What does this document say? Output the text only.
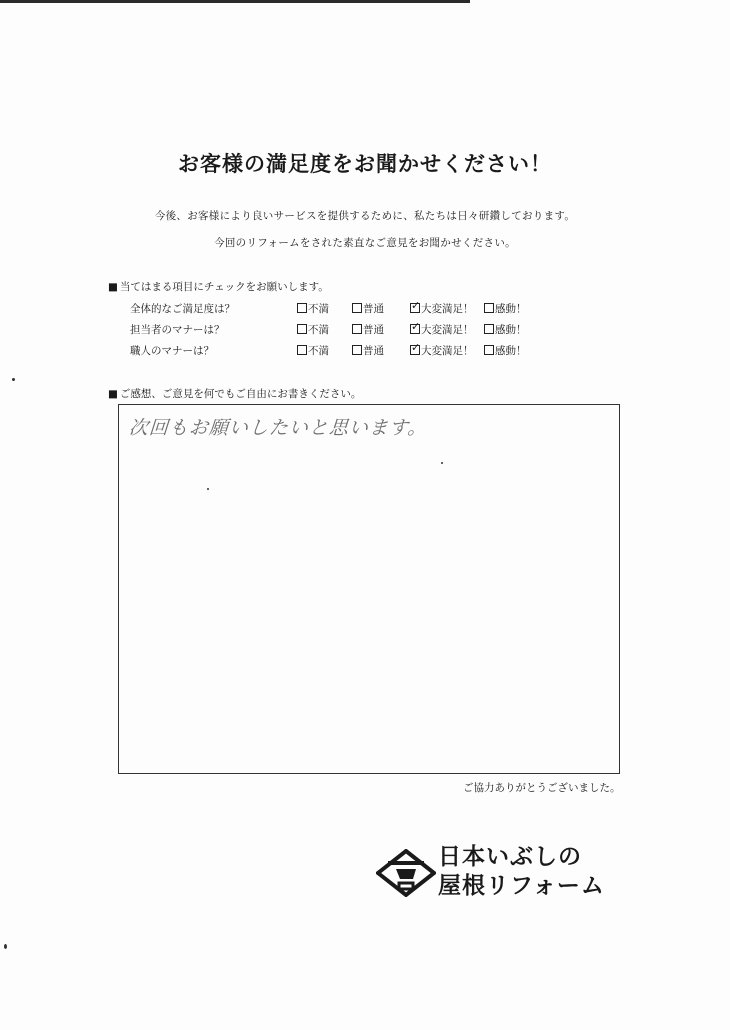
お客様の満足度をお聞かせください！
今後、お客様により良いサービスを提供するために、私たちは日々研鑽しております。
今回のリフォームをされた素直なご意見をお聞かせください。
■ 当てはまる項目にチェックをお願いします。
全体的なご満足度は？	不満	普通 ✓ 大変満足！	感動！
担当者のマナーは？	不満	普通 ✓ 大変満足！	感動！
職人のマナーは？	不満	普通 ✓ 大変満足！	感動！
■ ご感想、ご意見を何でもご自由にお書きください。
次回もお願いしたいと思います。
ご協力ありがとうございました。
日本いぶしの
屋根リフォーム
